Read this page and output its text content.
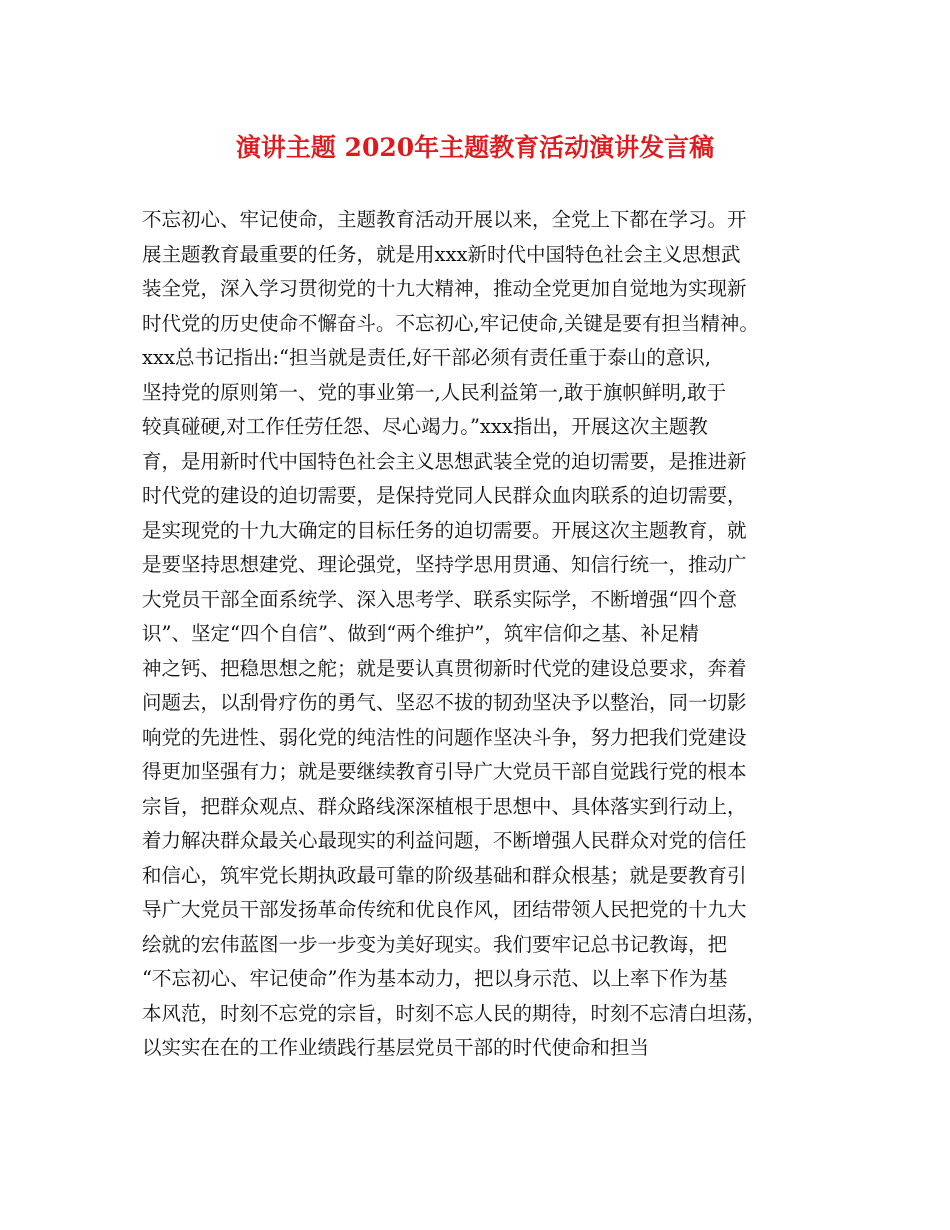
演讲主题 2020年主题教育活动演讲发言稿
不忘初心、牢记使命，主题教育活动开展以来，全党上下都在学习。开
展主题教育最重要的任务，就是用xxx新时代中国特色社会主义思想武
装全党，深入学习贯彻党的十九大精神，推动全党更加自觉地为实现新
时代党的历史使命不懈奋斗。不忘初心,牢记使命,关键是要有担当精神。
xxx总书记指出:“担当就是责任,好干部必须有责任重于泰山的意识,
坚持党的原则第一、党的事业第一,人民利益第一,敢于旗帜鲜明,敢于
较真碰硬,对工作任劳任怨、尽心竭力。”xxx指出，开展这次主题教
育，是用新时代中国特色社会主义思想武装全党的迫切需要，是推进新
时代党的建设的迫切需要，是保持党同人民群众血肉联系的迫切需要，
是实现党的十九大确定的目标任务的迫切需要。开展这次主题教育，就
是要坚持思想建党、理论强党，坚持学思用贯通、知信行统一，推动广
大党员干部全面系统学、深入思考学、联系实际学，不断增强“四个意
识”、坚定“四个自信”、做到“两个维护”，筑牢信仰之基、补足精
神之钙、把稳思想之舵；就是要认真贯彻新时代党的建设总要求，奔着
问题去，以刮骨疗伤的勇气、坚忍不拔的韧劲坚决予以整治，同一切影
响党的先进性、弱化党的纯洁性的问题作坚决斗争，努力把我们党建设
得更加坚强有力；就是要继续教育引导广大党员干部自觉践行党的根本
宗旨，把群众观点、群众路线深深植根于思想中、具体落实到行动上，
着力解决群众最关心最现实的利益问题，不断增强人民群众对党的信任
和信心，筑牢党长期执政最可靠的阶级基础和群众根基；就是要教育引
导广大党员干部发扬革命传统和优良作风，团结带领人民把党的十九大
绘就的宏伟蓝图一步一步变为美好现实。我们要牢记总书记教诲，把
“不忘初心、牢记使命”作为基本动力，把以身示范、以上率下作为基
本风范，时刻不忘党的宗旨，时刻不忘人民的期待，时刻不忘清白坦荡，
以实实在在的工作业绩践行基层党员干部的时代使命和担当
